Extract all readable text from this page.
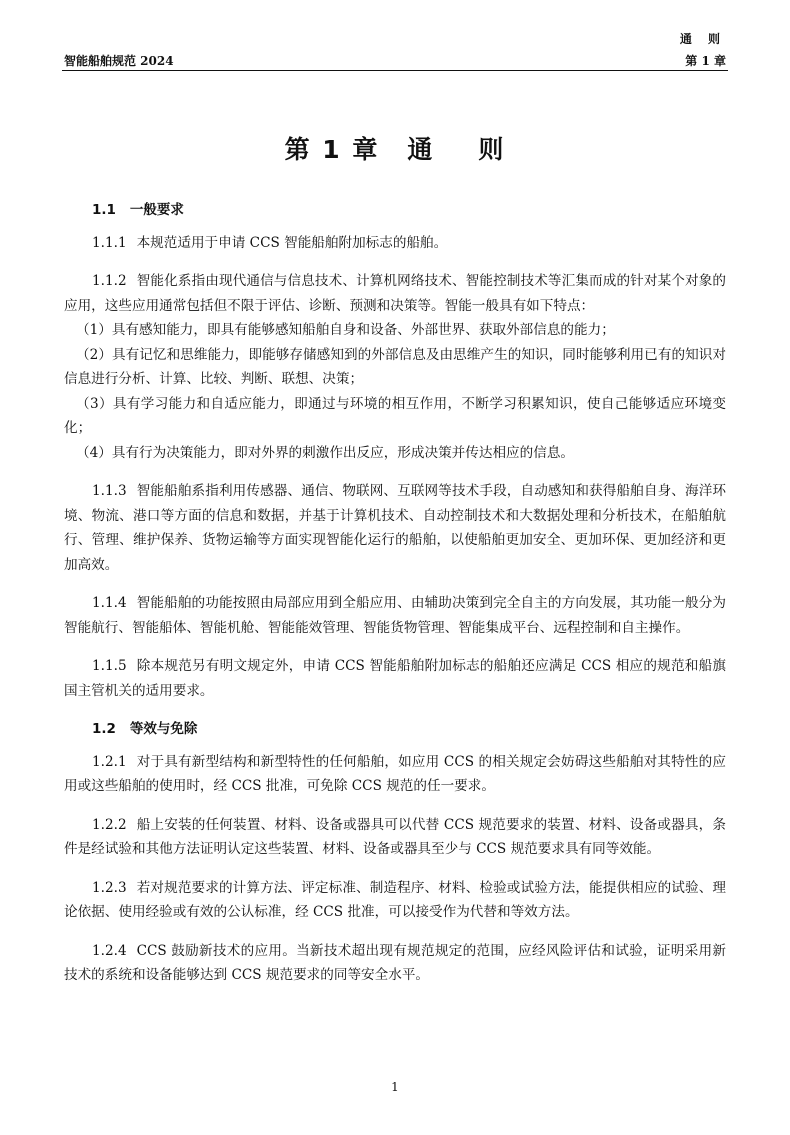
通 则
智能船舶规范 2024	第 1 章
第 1 章 通 则
1.1 一般要求

1.1.1 本规范适用于申请 CCS 智能船舶附加标志的船舶。

1.1.2 智能化系指由现代通信与信息技术、计算机网络技术、智能控制技术等汇集而成的针对某个对象的应用，这些应用通常包括但不限于评估、诊断、预测和决策等。智能一般具有如下特点：

（1）具有感知能力，即具有能够感知船舶自身和设备、外部世界、获取外部信息的能力；

（2）具有记忆和思维能力，即能够存储感知到的外部信息及由思维产生的知识，同时能够利用已有的知识对信息进行分析、计算、比较、判断、联想、决策；

（3）具有学习能力和自适应能力，即通过与环境的相互作用，不断学习积累知识，使自己能够适应环境变化；

（4）具有行为决策能力，即对外界的刺激作出反应，形成决策并传达相应的信息。

1.1.3 智能船舶系指利用传感器、通信、物联网、互联网等技术手段，自动感知和获得船舶自身、海洋环境、物流、港口等方面的信息和数据，并基于计算机技术、自动控制技术和大数据处理和分析技术，在船舶航行、管理、维护保养、货物运输等方面实现智能化运行的船舶，以使船舶更加安全、更加环保、更加经济和更加高效。

1.1.4 智能船舶的功能按照由局部应用到全船应用、由辅助决策到完全自主的方向发展，其功能一般分为智能航行、智能船体、智能机舱、智能能效管理、智能货物管理、智能集成平台、远程控制和自主操作。

1.1.5 除本规范另有明文规定外，申请 CCS 智能船舶附加标志的船舶还应满足 CCS 相应的规范和船旗国主管机关的适用要求。

1.2 等效与免除

1.2.1 对于具有新型结构和新型特性的任何船舶，如应用 CCS 的相关规定会妨碍这些船舶对其特性的应用或这些船舶的使用时，经 CCS 批准，可免除 CCS 规范的任一要求。

1.2.2 船上安装的任何装置、材料、设备或器具可以代替 CCS 规范要求的装置、材料、设备或器具，条件是经试验和其他方法证明认定这些装置、材料、设备或器具至少与 CCS 规范要求具有同等效能。

1.2.3 若对规范要求的计算方法、评定标准、制造程序、材料、检验或试验方法，能提供相应的试验、理论依据、使用经验或有效的公认标准，经 CCS 批准，可以接受作为代替和等效方法。

1.2.4 CCS 鼓励新技术的应用。当新技术超出现有规范规定的范围，应经风险评估和试验，证明采用新技术的系统和设备能够达到 CCS 规范要求的同等安全水平。

1
